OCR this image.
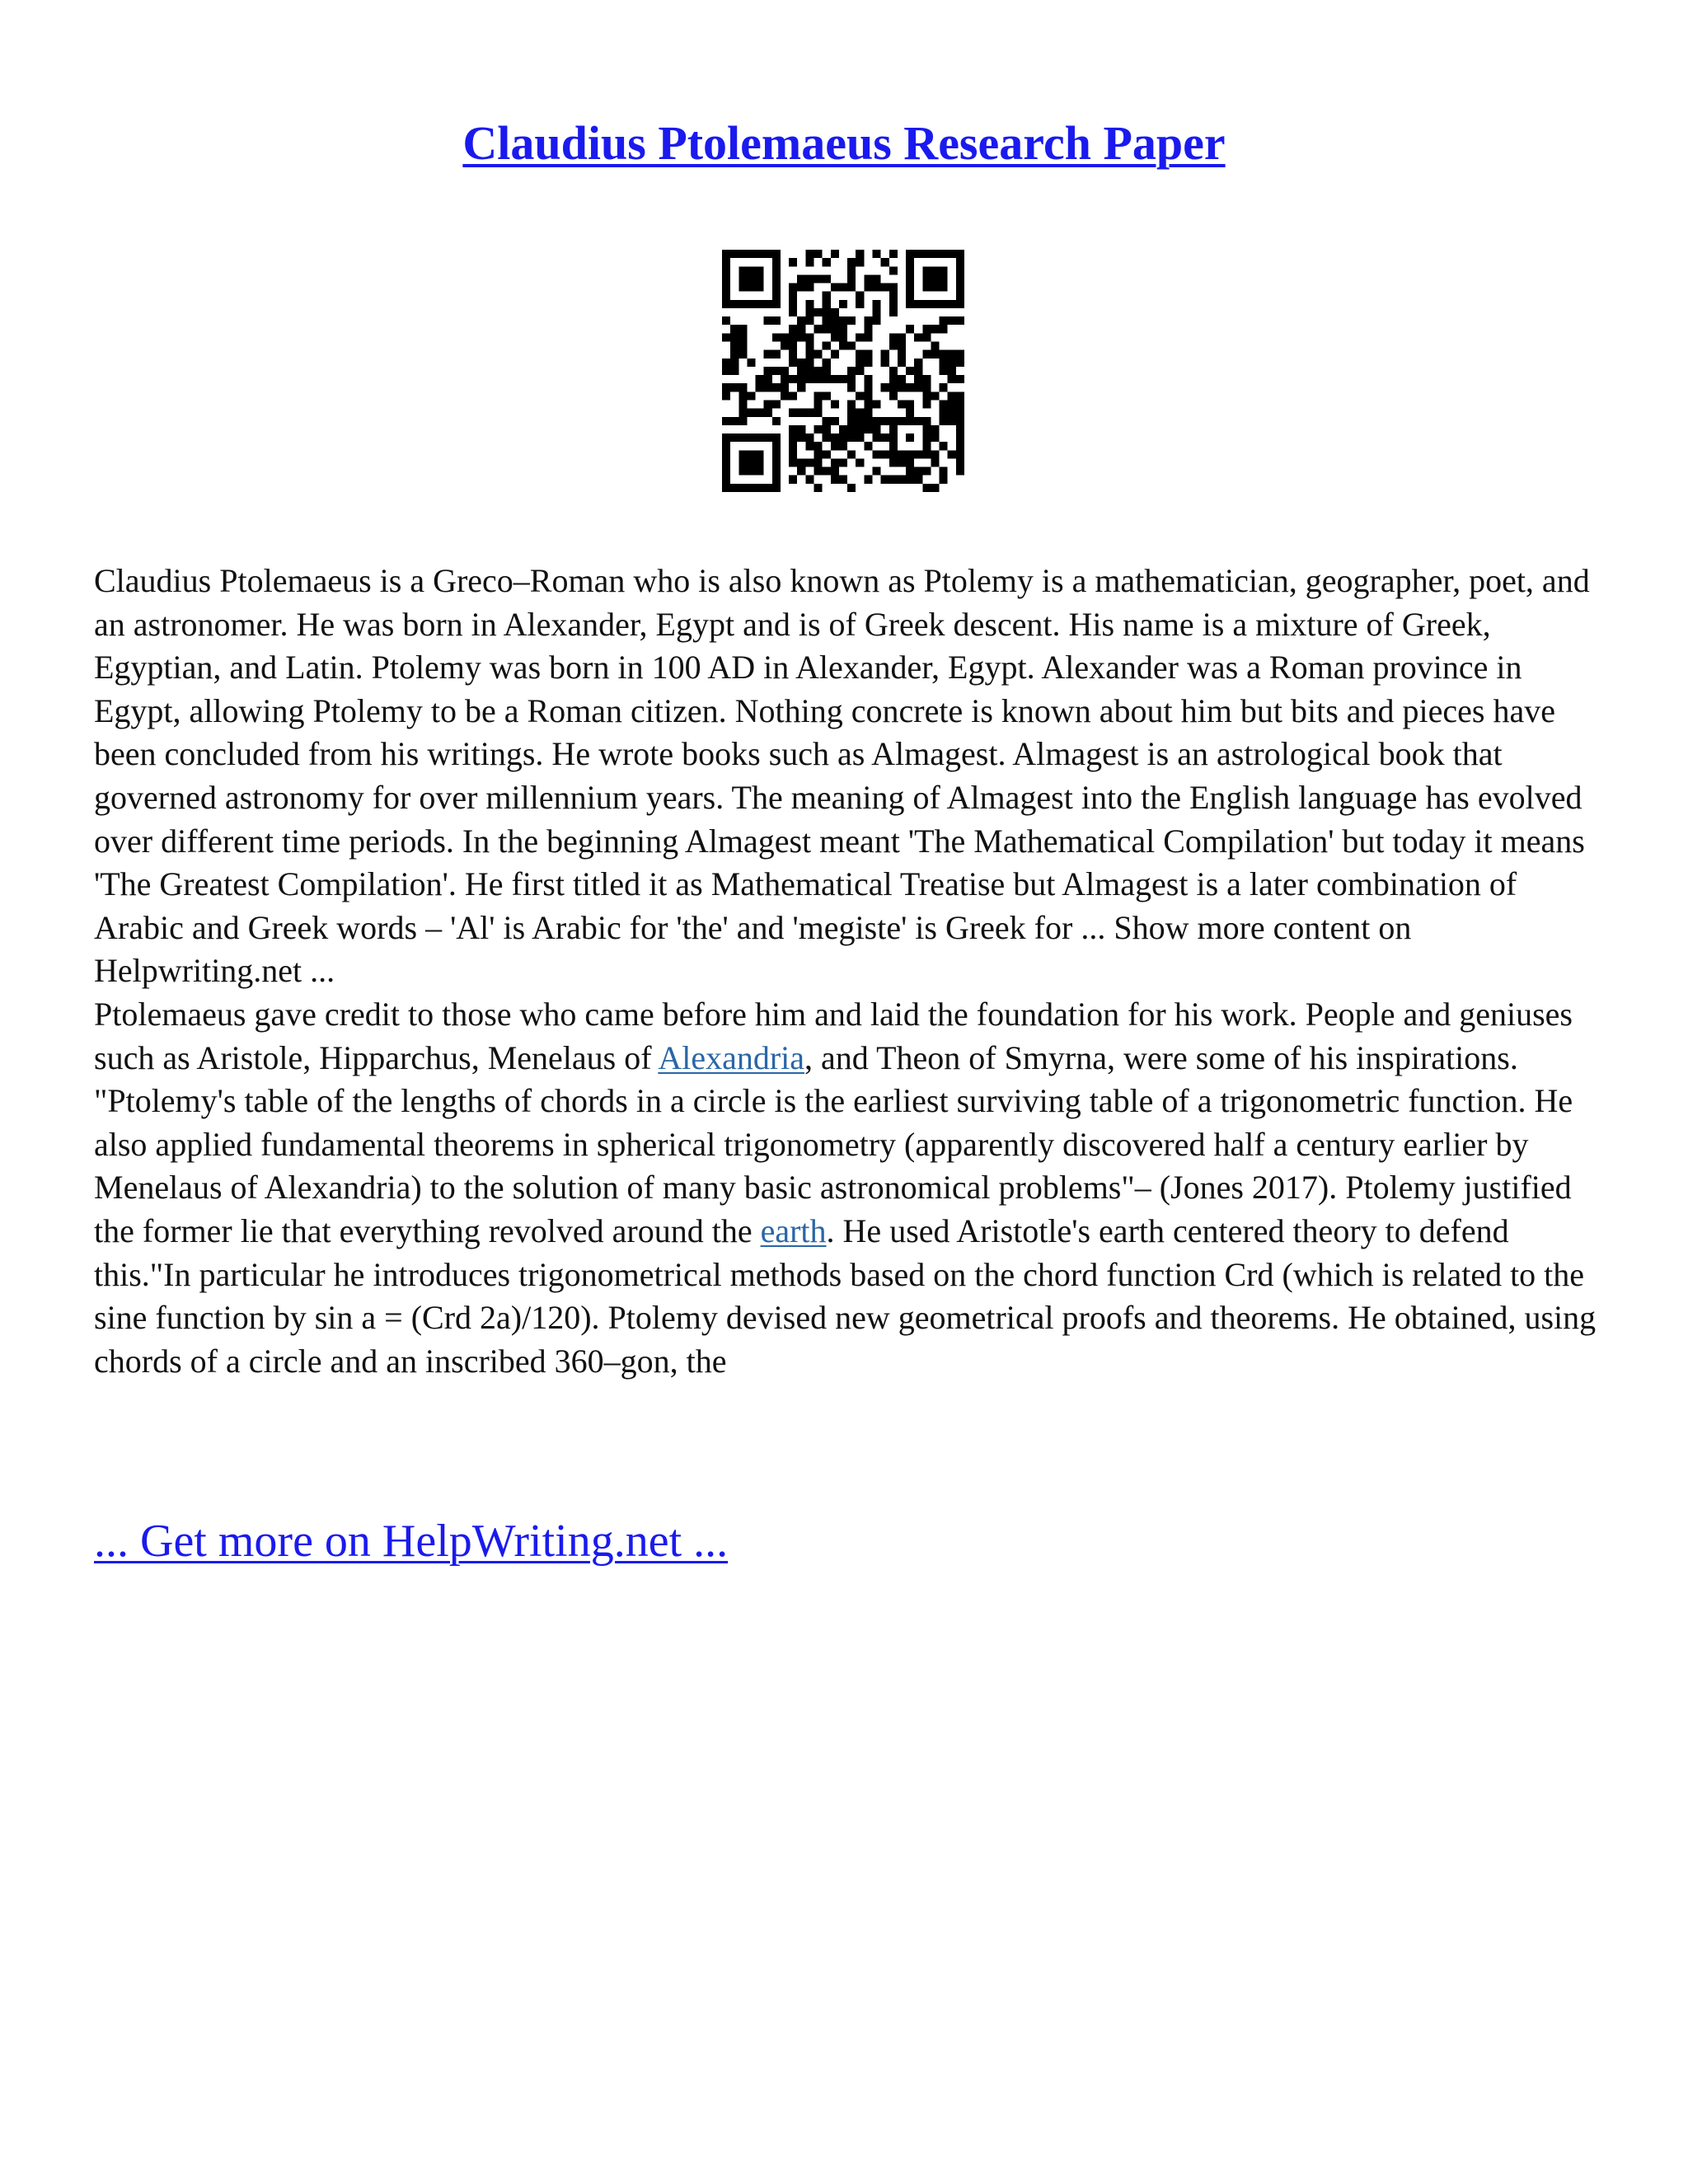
Claudius Ptolemaeus Research Paper

Claudius Ptolemaeus is a Greco–Roman who is also known as Ptolemy is a mathematician, geographer, poet, and an astronomer. He was born in Alexander, Egypt and is of Greek descent. His name is a mixture of Greek, Egyptian, and Latin. Ptolemy was born in 100 AD in Alexander, Egypt. Alexander was a Roman province in Egypt, allowing Ptolemy to be a Roman citizen. Nothing concrete is known about him but bits and pieces have been concluded from his writings. He wrote books such as Almagest. Almagest is an astrological book that governed astronomy for over millennium years. The meaning of Almagest into the English language has evolved over different time periods. In the beginning Almagest meant 'The Mathematical Compilation' but today it means 'The Greatest Compilation'. He first titled it as Mathematical Treatise but Almagest is a later combination of Arabic and Greek words – 'Al' is Arabic for 'the' and 'megiste' is Greek for ... Show more content on Helpwriting.net ...

Ptolemaeus gave credit to those who came before him and laid the foundation for his work. People and geniuses such as Aristole, Hipparchus, Menelaus of Alexandria, and Theon of Smyrna, were some of his inspirations. "Ptolemy's table of the lengths of chords in a circle is the earliest surviving table of a trigonometric function. He also applied fundamental theorems in spherical trigonometry (apparently discovered half a century earlier by Menelaus of Alexandria) to the solution of many basic astronomical problems"– (Jones 2017). Ptolemy justified the former lie that everything revolved around the earth. He used Aristotle's earth centered theory to defend this."In particular he introduces trigonometrical methods based on the chord function Crd (which is related to the sine function by sin a = (Crd 2a)/120). Ptolemy devised new geometrical proofs and theorems. He obtained, using chords of a circle and an inscribed 360–gon, the

... Get more on HelpWriting.net ...
